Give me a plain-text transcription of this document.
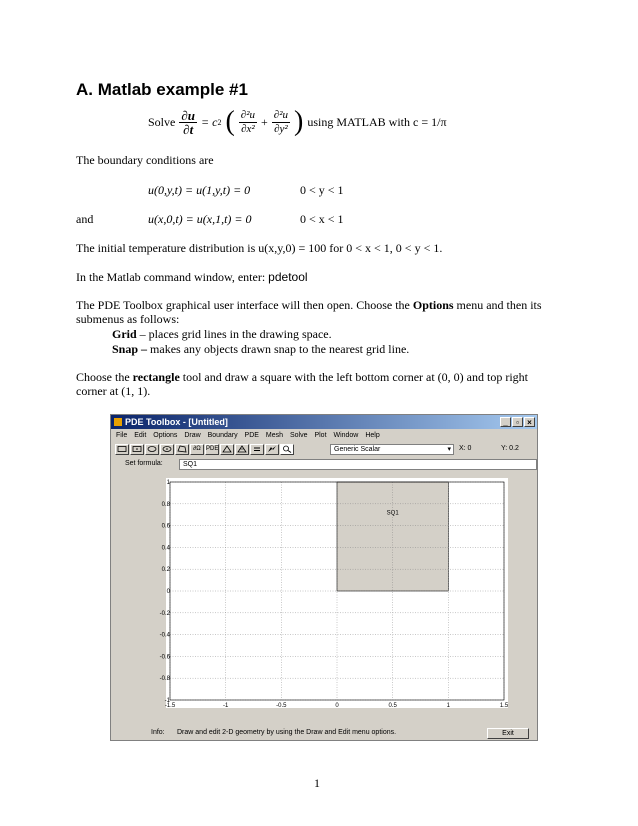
A. Matlab example #1
Solve $\frac{\partial u}{\partial t} = c$ 2 ( $\frac{\text{∂²u}}{\text{∂x²}} + \frac{\text{∂²u}}{\text{∂y²}}$ ) using MATLAB with c = 1/π
The boundary conditions are
u(0,y,t) = u(1,y,t) = 0	0 < y < 1
and	u(x,0,t) = u(x,1,t) = 0	0 < x < 1
The initial temperature distribution is u(x,y,0) = 100 for 0 < x < 1, 0 < y < 1.
In the Matlab command window, enter: pdetool
The PDE Toolbox graphical user interface will then open. Choose the Options menu and then its submenus as follows:
Grid – places grid lines in the drawing space.
Snap – makes any objects drawn snap to the nearest grid line.
Choose the rectangle tool and draw a square with the left bottom corner at (0, 0) and top right
corner at (1, 1).
PDE Toolbox - [Untitled]	_	▫	×
File Edit Options Draw Boundary PDE Mesh Solve Plot Window Help
∂Ω PDE	Generic Scalar	▾ X: 0	Y: 0.2
Set formula:	SQ1
SQ1
-1.5	-1	-0.5	0	0.5	1	1.5
-1
-0.8
-0.6
-0.4
-0.2
0
0.2
0.4
0.6
0.8
1
Info: Draw and edit 2-D geometry by using the Draw and Edit menu options.	Exit
1
